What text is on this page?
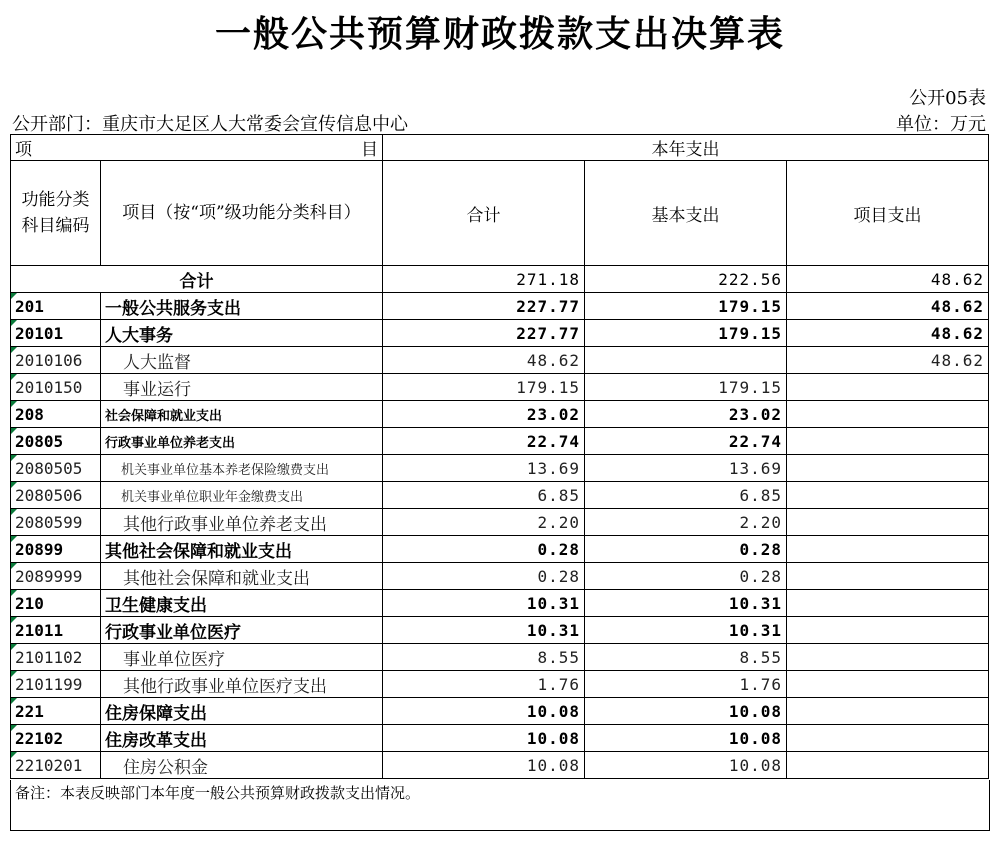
一般公共预算财政拨款支出决算表
公开05表
公开部门：重庆市大足区人大常委会宣传信息中心	单位：万元
项 目		本年支出		
功能分类科目编码	项目（按“项”级功能分类科目）	合计	基本支出	项目支出
合计		271.18	222.56	48.62
201	一般公共服务支出	227.77	179.15	48.62
20101	人大事务	227.77	179.15	48.62
2010106	人大监督	48.62		48.62
2010150	事业运行	179.15	179.15	
208	社会保障和就业支出	23.02	23.02	
20805	行政事业单位养老支出	22.74	22.74	
2080505	机关事业单位基本养老保险缴费支出	13.69	13.69	
2080506	机关事业单位职业年金缴费支出	6.85	6.85	
2080599	其他行政事业单位养老支出	2.20	2.20	
20899	其他社会保障和就业支出	0.28	0.28	
2089999	其他社会保障和就业支出	0.28	0.28	
210	卫生健康支出	10.31	10.31	
21011	行政事业单位医疗	10.31	10.31	
2101102	事业单位医疗	8.55	8.55	
2101199	其他行政事业单位医疗支出	1.76	1.76	
221	住房保障支出	10.08	10.08	
22102	住房改革支出	10.08	10.08	
2210201	住房公积金	10.08	10.08	
备注：本表反映部门本年度一般公共预算财政拨款支出情况。
